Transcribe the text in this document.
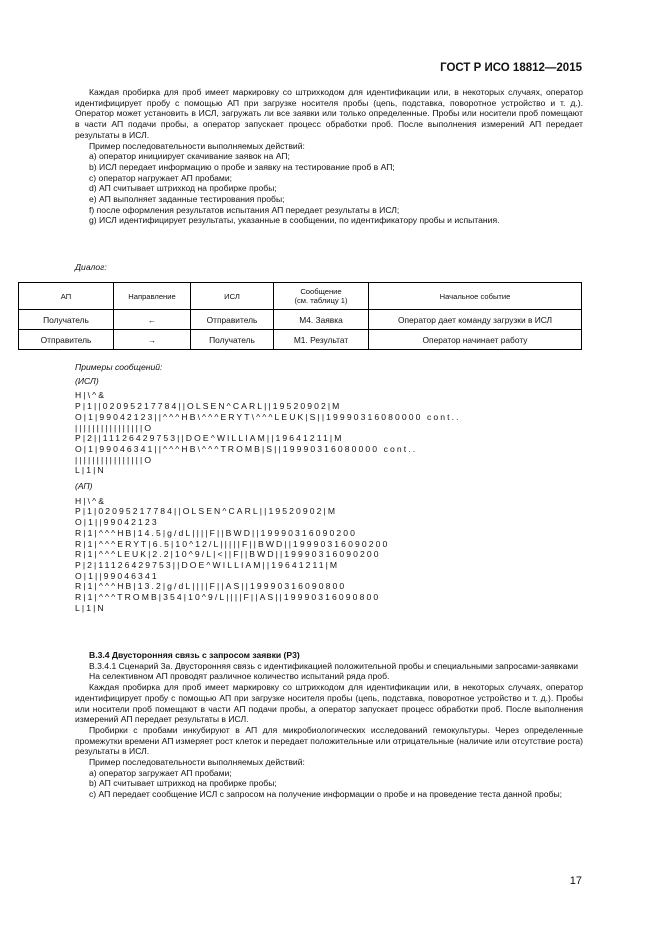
ГОСТ Р ИСО 18812—2015

Каждая пробирка для проб имеет маркировку со штрихкодом для идентификации или, в некоторых случаях, оператор идентифицирует пробу с помощью АП при загрузке носителя пробы (цепь, подставка, поворотное устройство и т. д.). Оператор может установить в ИСЛ, загружать ли все заявки или только определенные. Пробы или носители проб помещают в части АП подачи пробы, а оператор запускает процесс обработки проб. После выполнения измерений АП передает результаты в ИСЛ.

Пример последовательности выполняемых действий:

a) оператор инициирует скачивание заявок на АП;

b) ИСЛ передает информацию о пробе и заявку на тестирование проб в АП;

c) оператор нагружает АП пробами;

d) АП считывает штрихкод на пробирке пробы;

e) АП выполняет заданные тестирования пробы;

f) после оформления результатов испытания АП передает результаты в ИСЛ;

g) ИСЛ идентифицирует результаты, указанные в сообщении, по идентификатору пробы и испытания.

Диалог:
АП	Направление	ИСЛ	Сообщение
(см. таблицу 1)	Начальное событие
Получатель	←	Отправитель	М4. Заявка	Оператор дает команду загрузки в ИСЛ
Отправитель	→	Получатель	М1. Результат	Оператор начинает работу

Примеры сообщений:

(ИСЛ)

H|\^&

P|1||02095217784||OLSEN^CARL||19520902|M

O|1|99042123||^^^HB\^^^ERYT\^^^LEUK|S||19990316080000 cont..

||||||||||||||||O

P|2||11126429753||DOE^WILLIAM||19641211|M

O|1|99046341||^^^HB\^^^TROMB|S||19990316080000 cont..

||||||||||||||||O

L|1|N

(АП)

H|\^&

P|1|02095217784||OLSEN^CARL||19520902|M

O|1||99042123

R|1|^^^HB|14.5|g/dL||||F||BWD||19990316090200

R|1|^^^ERYT|6.5|10^12/L|||||F||BWD||19990316090200

R|1|^^^LEUK|2.2|10^9/L|<||F||BWD||19990316090200

P|2|11126429753||DOE^WILLIAM||19641211|M

O|1||99046341

R|1|^^^HB|13.2|g/dL||||F||AS||19990316090800

R|1|^^^TROMB|354|10^9/L||||F||AS||19990316090800

L|1|N

В.3.4 Двусторонняя связь с запросом заявки (Р3)

В.3.4.1 Сценарий 3а. Двусторонняя связь с идентификацией положительной пробы и специальными запросами-заявками

На селективном АП проводят различное количество испытаний ряда проб.

Каждая пробирка для проб имеет маркировку со штрихкодом для идентификации или, в некоторых случаях, оператор идентифицирует пробу с помощью АП при загрузке носителя пробы (цепь, подставка, поворотное устройство и т. д.). Пробы или носители проб помещают в части АП подачи пробы, а оператор запускает процесс обработки проб. После выполнения измерений АП передает результаты в ИСЛ.

Пробирки с пробами инкубируют в АП для микробиологических исследований гемокультуры. Через определенные промежутки времени АП измеряет рост клеток и передает положительные или отрицательные (наличие или отсутствие роста) результаты в ИСЛ.

Пример последовательности выполняемых действий:

a) оператор загружает АП пробами;

b) АП считывает штрихкод на пробирке пробы;

c) АП передает сообщение ИСЛ с запросом на получение информации о пробе и на проведение теста данной пробы;

17
